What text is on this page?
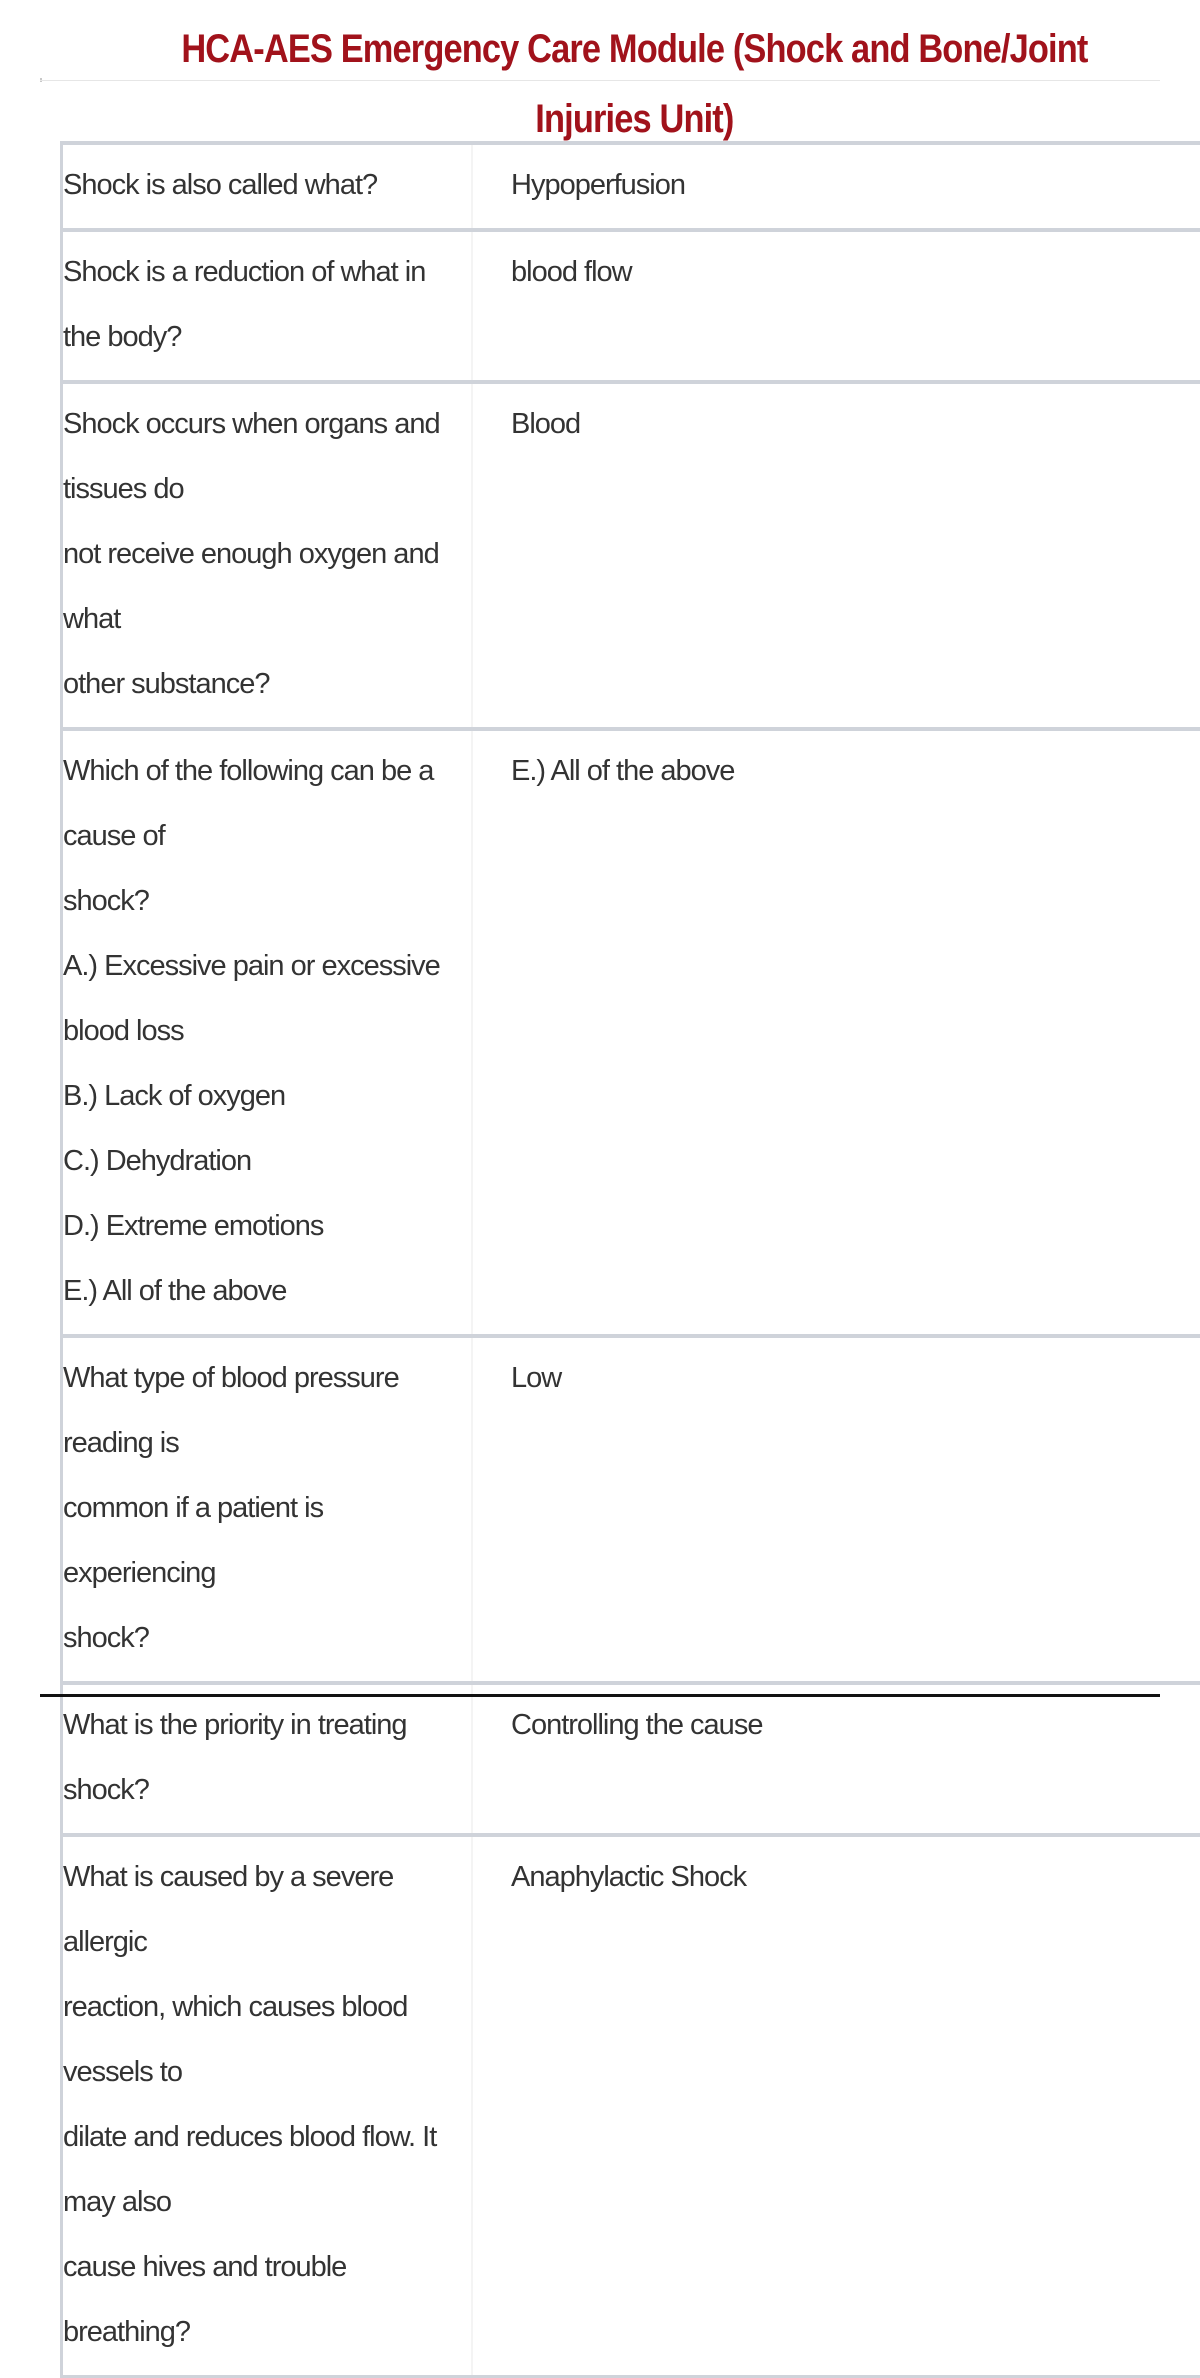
HCA-AES Emergency Care Module (Shock and Bone/Joint Injuries Unit)
Shock is also called what?	Hypoperfusion
Shock is a reduction of what in the body?
blood flow
Shock occurs when organs and tissues do
not receive enough oxygen and what
other substance?
Blood
Which of the following can be a cause of
shock?
A.) Excessive pain or excessive blood loss
B.) Lack of oxygen
C.) Dehydration
D.) Extreme emotions
E.) All of the above
E.) All of the above
What type of blood pressure reading is
common if a patient is experiencing
shock?
Low
What is the priority in treating shock?
Controlling the cause
What is caused by a severe allergic
reaction, which causes blood vessels to
dilate and reduces blood flow. It may also
cause hives and trouble breathing?
Anaphylactic Shock
